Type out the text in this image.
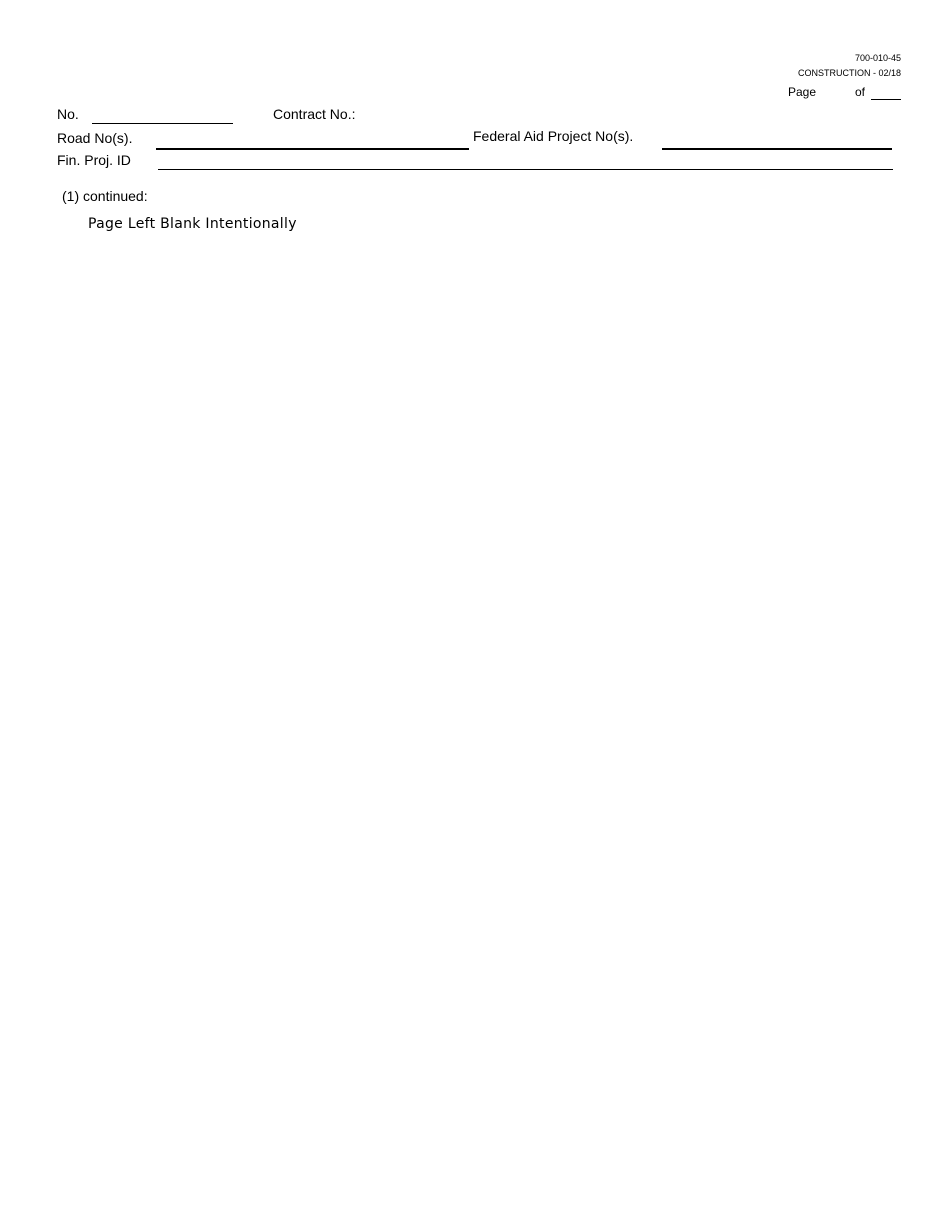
700-010-45
CONSTRUCTION - 02/18
Page	of
No.	Contract No.:
Road No(s).	Federal Aid Project No(s).
Fin. Proj. ID
(1) continued:
Page Left Blank Intentionally
